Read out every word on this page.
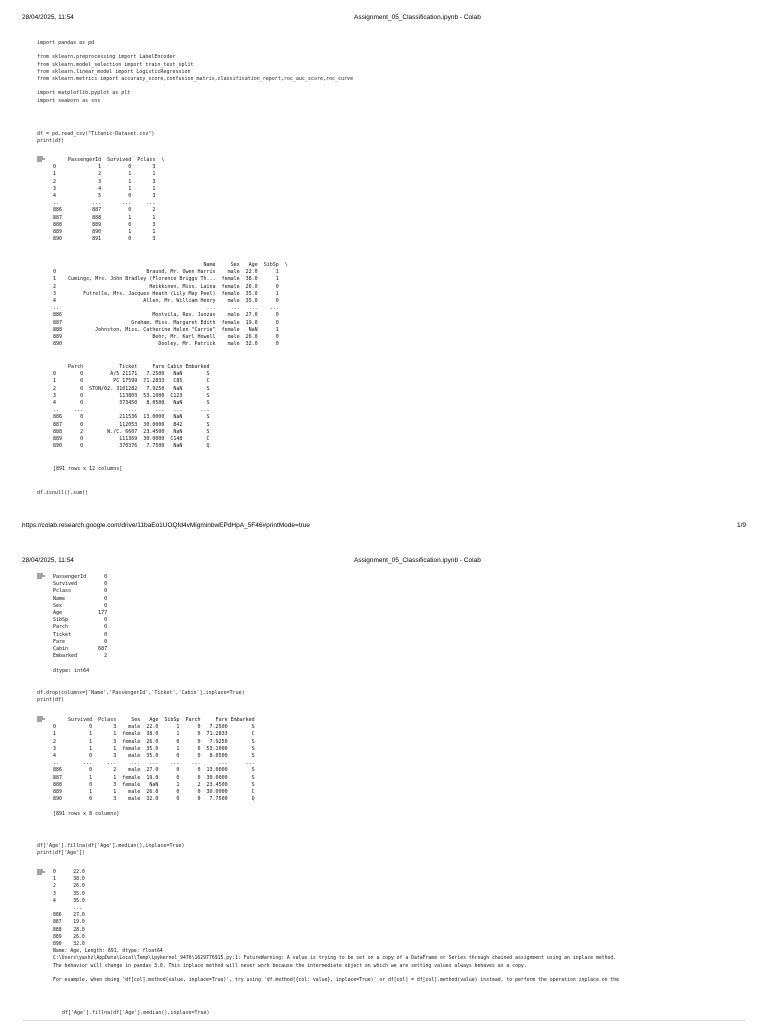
28/04/2025, 11:54	Assignment_05_Classification.ipynb - Colab
import pandas as pd

from sklearn.preprocessing import LabelEncoder
from sklearn.model_selection import train_test_split
from sklearn.linear_model import LogisticRegression
from sklearn.metrics import accuracy_score,confusion_matrix,classification_report,roc_auc_score,roc_curve

import matplotlib.pyplot as plt
import seaborn as sns
df = pd.read_csv("Titanic-Dataset.csv")
print(df)
PassengerId  Survived  Pclass  \
0              1         0       3
1              2         1       1
2              3         1       3
3              4         1       1
4              5         0       3
..           ...       ...     ...
886          887         0       2
887          888         1       1
888          889         0       3
889          890         1       1
890          891         0       3
Name     Sex   Age  SibSp  \
0                              Braund, Mr. Owen Harris    male  22.0      1
1    Cumings, Mrs. John Bradley (Florence Briggs Th...  female  38.0      1
2                               Heikkinen, Miss. Laina  female  26.0      0
3         Futrelle, Mrs. Jacques Heath (Lily May Peel)  female  35.0      1
4                             Allen, Mr. William Henry    male  35.0      0
..                                                 ...     ...   ...    ...
886                              Montvila, Rev. Juozas    male  27.0      0
887                       Graham, Miss. Margaret Edith  female  19.0      0
888           Johnston, Miss. Catherine Helen "Carrie"  female   NaN      1
889                              Behr, Mr. Karl Howell    male  26.0      0
890                                Dooley, Mr. Patrick    male  32.0      0
Parch            Ticket     Fare Cabin Embarked
0        0         A/5 21171   7.2500   NaN        S
1        0          PC 17599  71.2833   C85        C
2        0  STON/O2. 3101282   7.9250   NaN        S
3        0            113803  53.1000  C123        S
4        0            373450   8.0500   NaN        S
..     ...               ...      ...   ...      ...
886      0            211536  13.0000   NaN        S
887      0            112053  30.0000   B42        S
888      2        W./C. 6607  23.4500   NaN        S
889      0            111369  30.0000  C148        C
890      0            370376   7.7500   NaN        Q
[891 rows x 12 columns]
df.isnull().sum()
https://colab.research.google.com/drive/11baEo1UOQfd4vMigminbwEPdHpA_5F46#printMode=true	1/9
28/04/2025, 11:54	Assignment_05_Classification.ipynb - Colab
PassengerId      0
Survived         0
Pclass           0
Name             0
Sex              0
Age            177
SibSp            0
Parch            0
Ticket           0
Fare             0
Cabin          687
Embarked         2

dtype: int64
df.drop(columns=['Name','PassengerId','Ticket','Cabin'],inplace=True)
print(df)
Survived  Pclass     Sex   Age  SibSp  Parch     Fare Embarked
0           0       3    male  22.0      1      0   7.2500        S
1           1       1  female  38.0      1      0  71.2833        C
2           1       3  female  26.0      0      0   7.9250        S
3           1       1  female  35.0      1      0  53.1000        S
4           0       3    male  35.0      0      0   8.0500        S
..        ...     ...     ...   ...    ...    ...      ...      ...
886         0       2    male  27.0      0      0  13.0000        S
887         1       1  female  19.0      0      0  30.0000        S
888         0       3  female   NaN      1      2  23.4500        S
889         1       1    male  26.0      0      0  30.0000        C
890         0       3    male  32.0      0      0   7.7500        Q

[891 rows x 8 columns]
df['Age'].fillna(df['Age'].median(),inplace=True)
print(df['Age'])
0      22.0
1      38.0
2      26.0
3      35.0
4      35.0
...
886    27.0
887    19.0
888    28.0
889    26.0
890    32.0
Name: Age, Length: 891, dtype: float64
C:\Users\yashz\AppData\Local\Temp\ipykernel_9476\1629776915.py:1: FutureWarning: A value is trying to be set on a copy of a DataFrame or Series through chained assignment using an inplace method.
The behavior will change in pandas 3.0. This inplace method will never work because the intermediate object on which we are setting values always behaves as a copy.

For example, when doing 'df[col].method(value, inplace=True)', try using 'df.method({col: value}, inplace=True)' or df[col] = df[col].method(value) instead, to perform the operation inplace on the
df['Age'].fillna(df['Age'].median(),inplace=True)
